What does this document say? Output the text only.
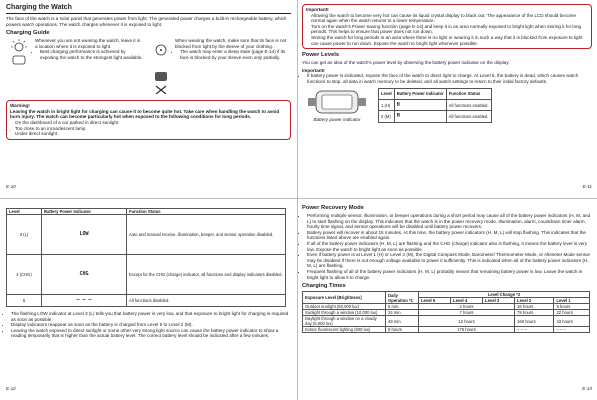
Charging the Watch
The face of the watch is a solar panel that generates power from light. The generated power charges a built-in rechargeable battery, which powers watch operations. The watch charges whenever it is exposed to light.
Charging Guide
Whenever you are not wearing the watch, leave it in a location where it is exposed to light.
• Best charging performance is achieved by exposing the watch to the strongest light available.
When wearing the watch, make sure that its face is not blocked from light by the sleeve of your clothing.
• The watch may enter a sleep state (page E-14) if its face is blocked by your sleeve even only partially.
Warning!
Leaving the watch in bright light for charging can cause it to become quite hot. Take care when handling the watch to avoid burn injury. The watch can become particularly hot when exposed to the following conditions for long periods.
• On the dashboard of a car parked in direct sunlight
• Too close to an incandescent lamp
• Under direct sunlight
E-10
Important!
• Allowing the watch to become very hot can cause its liquid crystal display to black out. The appearance of the LCD should become normal again when the watch returns to a lower temperature.
• Turn on the watch's Power Saving function (page E-14) and keep it in an area normally exposed to bright light when storing it for long periods. This helps to ensure that power does not run down.
• Storing the watch for long periods in an area where there is no light or wearing it in such a way that it is blocked from exposure to light can cause power to run down. Expose the watch to bright light whenever possible.
Power Levels
You can get an idea of the watch's power level by observing the battery power indicator on the display.
Important!
• If battery power is indicated, expose the face of the watch to direct light to charge. At Level 5, the battery is dead, which causes watch functions to stop, all data in watch memory to be deleted, and all watch settings to return to their initial factory defaults.
Battery power indicator
Level	Battery Power Indicator	Function Status
1 (H)	H	All functions enabled.
2 (M)	M	All functions enabled.
E-11
Level	Battery Power Indicator	Function Status
3 (L)	LOW	Auto and manual receive, illumination, beeper, and sensor operation disabled.
4 (CHG)	CHG	Except for the CHG (charge) indicator, all functions and display indicators disabled.
5	– – –	All functions disabled.
• The flashing LOW indicator at Level 3 (L) tells you that battery power is very low, and that exposure to bright light for charging is required as soon as possible.
• Display indicators reappear as soon as the battery is charged from Level 5 to Level 2 (M).
• Leaving the watch exposed to direct sunlight or some other very strong light source can cause the battery power indicator to show a reading temporarily that is higher than the actual battery level. The correct battery level should be indicated after a few minutes.
E-12
Power Recovery Mode
• Performing multiple sensor, illumination, or beeper operations during a short period may cause all of the battery power indicators (H, M, and L) to start flashing on the display. This indicates that the watch is in the power recovery mode. Illumination, alarm, countdown timer alarm, hourly time signal, and sensor operations will be disabled until battery power recovers.
• Battery power will recover in about 15 minutes. At this time, the battery power indicators (H, M, L) will stop flashing. This indicates that the functions listed above are enabled again.
• If all of the battery power indicators (H, M, L) are flashing and the CHG (charge) indicator also is flashing, it means the battery level is very low. Expose the watch to bright light as soon as possible.
• Even if battery power is at Level 1 (H) or Level 2 (M), the Digital Compass Mode, Barometer/ Thermometer Mode, or Altimeter Mode sensor may be disabled if there is not enough voltage available to power it sufficiently. This is indicated when all of the battery power indicators (H, M, L) are flashing.
• Frequent flashing of all of the battery power indicators (H, M, L) probably means that remaining battery power is low. Leave the watch in bright light to allow it to charge.
Charging Times
Exposure Level (Brightness)	Daily Operation *1	Level Change *2				
		Level 5	Level 4	Level 3	Level 2	Level 1
Outdoor sunlight (50,000 lux)	5 min.	2 hours			16 hours	5 hours
Sunlight through a window (10,000 lux)	24 min.	7 hours			79 hours	22 hours
Daylight through a window on a cloudy day (5,000 lux)	48 min.	12 hours			160 hours	43 hours
Indoor fluorescent lighting (500 lux)	8 hours	175 hours			– – –	– – –
E-13
